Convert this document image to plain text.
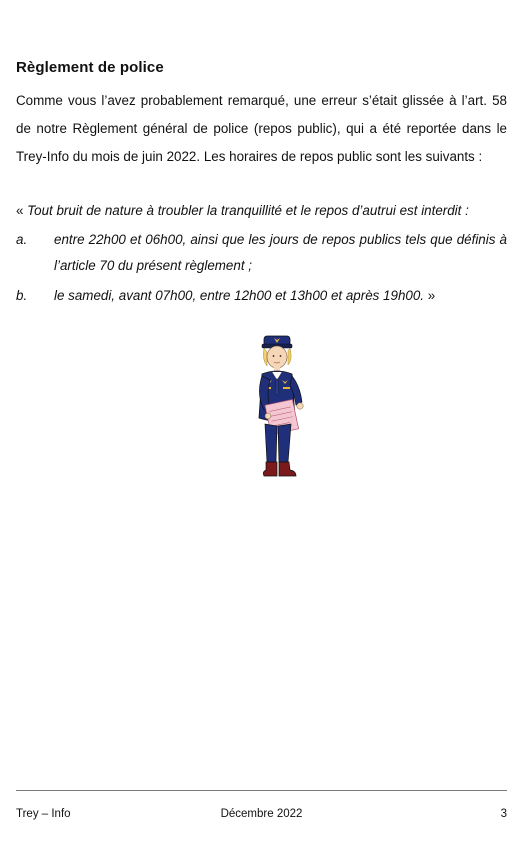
Règlement de police

Comme vous l’avez probablement remarqué, une erreur s’était glissée à l’art. 58 de notre Règlement général de police (repos public), qui a été reportée dans le Trey-Info du mois de juin 2022. Les horaires de repos public sont les suivants :

« Tout bruit de nature à troubler la tranquillité et le repos d’autrui est interdit :
a. entre 22h00 et 06h00, ainsi que les jours de repos publics tels que définis à l’article 70 du présent règlement ;
b. le samedi, avant 07h00, entre 12h00 et 13h00 et après 19h00. »
Trey – Info	Décembre 2022	3
